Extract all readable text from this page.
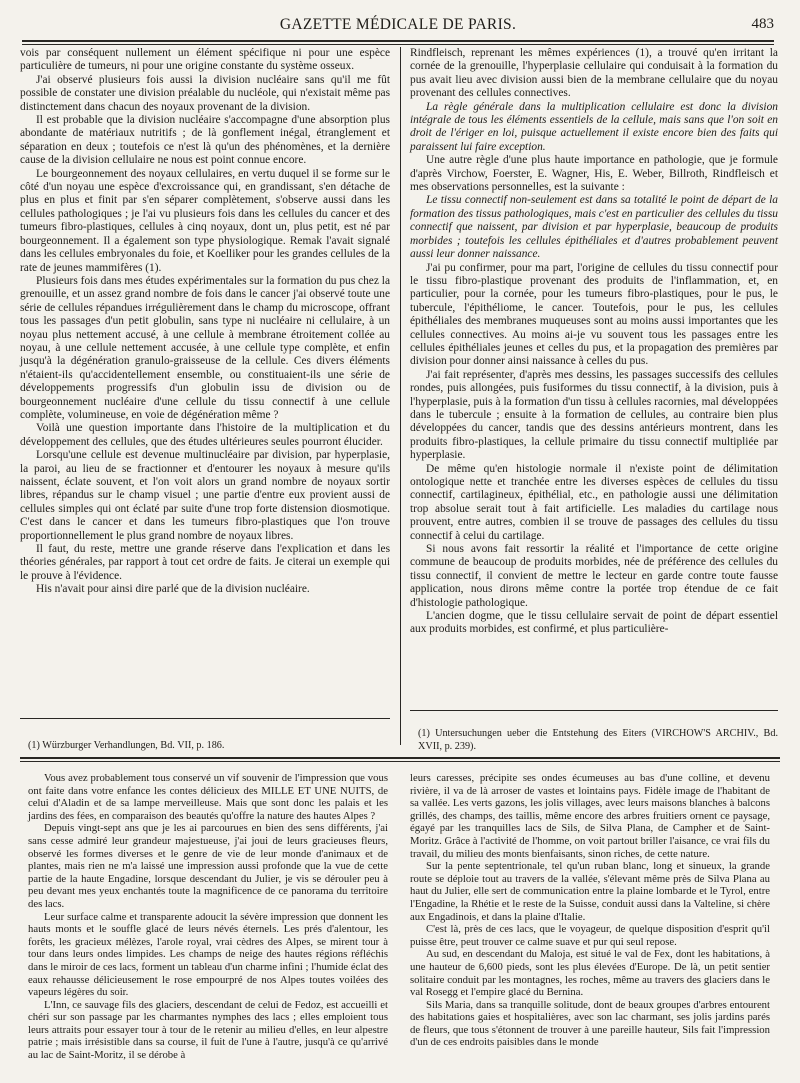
GAZETTE MÉDICALE DE PARIS.	483

vois par conséquent nullement un élément spécifique ni pour une espèce particulière de tumeurs, ni pour une origine constante du système osseux.

J'ai observé plusieurs fois aussi la division nucléaire sans qu'il me fût possible de constater une division préalable du nucléole, qui n'existait même pas distinctement dans chacun des noyaux provenant de la division.

Il est probable que la division nucléaire s'accompagne d'une absorption plus abondante de matériaux nutritifs ; de là gonflement inégal, étranglement et séparation en deux ; toutefois ce n'est là qu'un des phénomènes, et la dernière cause de la division cellulaire ne nous est point connue encore.

Le bourgeonnement des noyaux cellulaires, en vertu duquel il se forme sur le côté d'un noyau une espèce d'excroissance qui, en grandissant, s'en détache de plus en plus et finit par s'en séparer complètement, s'observe aussi dans les cellules pathologiques ; je l'ai vu plusieurs fois dans les cellules du cancer et des tumeurs fibro-plastiques, cellules à cinq noyaux, dont un, plus petit, est né par bourgeonnement. Il a également son type physiologique. Remak l'avait signalé dans les cellules embryonales du foie, et Koelliker pour les grandes cellules de la rate de jeunes mammifères (1).

Plusieurs fois dans mes études expérimentales sur la formation du pus chez la grenouille, et un assez grand nombre de fois dans le cancer j'ai observé toute une série de cellules répandues irrégulièrement dans le champ du microscope, offrant tous les passages d'un petit globulin, sans type ni nucléaire ni cellulaire, à un noyau plus nettement accusé, à une cellule à membrane étroitement collée au noyau, à une cellule nettement accusée, à une cellule type complète, et enfin jusqu'à la dégénération granulo-graisseuse de la cellule. Ces divers éléments n'étaient-ils qu'accidentellement ensemble, ou constituaient-ils une série de développements progressifs d'un globulin issu de division ou de bourgeonnement nucléaire d'une cellule du tissu connectif à une cellule complète, volumineuse, en voie de dégénération même ?

Voilà une question importante dans l'histoire de la multiplication et du développement des cellules, que des études ultérieures seules pourront élucider.

Lorsqu'une cellule est devenue multinucléaire par division, par hyperplasie, la paroi, au lieu de se fractionner et d'entourer les noyaux à mesure qu'ils naissent, éclate souvent, et l'on voit alors un grand nombre de noyaux sortir libres, répandus sur le champ visuel ; une partie d'entre eux provient aussi de cellules simples qui ont éclaté par suite d'une trop forte distension diosmotique. C'est dans le cancer et dans les tumeurs fibro-plastiques que l'on trouve proportionnellement le plus grand nombre de noyaux libres.

Il faut, du reste, mettre une grande réserve dans l'explication et dans les théories générales, par rapport à tout cet ordre de faits. Je citerai un exemple qui le prouve à l'évidence.

His n'avait pour ainsi dire parlé que de la division nucléaire.

Rindfleisch, reprenant les mêmes expériences (1), a trouvé qu'en irritant la cornée de la grenouille, l'hyperplasie cellulaire qui conduisait à la formation du pus avait lieu avec division aussi bien de la membrane cellulaire que du noyau provenant des cellules connectives.

La règle générale dans la multiplication cellulaire est donc la division intégrale de tous les éléments essentiels de la cellule, mais sans que l'on soit en droit de l'ériger en loi, puisque actuellement il existe encore bien des faits qui paraissent lui faire exception.

Une autre règle d'une plus haute importance en pathologie, que je formule d'après Virchow, Foerster, E. Wagner, His, E. Weber, Billroth, Rindfleisch et mes observations personnelles, est la suivante :

Le tissu connectif non-seulement est dans sa totalité le point de départ de la formation des tissus pathologiques, mais c'est en particulier des cellules du tissu connectif que naissent, par division et par hyperplasie, beaucoup de produits morbides ; toutefois les cellules épithéliales et d'autres probablement peuvent aussi leur donner naissance.

J'ai pu confirmer, pour ma part, l'origine de cellules du tissu connectif pour le tissu fibro-plastique provenant des produits de l'inflammation, et, en particulier, pour la cornée, pour les tumeurs fibro-plastiques, pour le pus, le tubercule, l'épithéliome, le cancer. Toutefois, pour le pus, les cellules épithéliales des membranes muqueuses sont au moins aussi importantes que les cellules connectives. Au moins ai-je vu souvent tous les passages entre les cellules épithéliales jeunes et celles du pus, et la propagation des premières par division pour donner ainsi naissance à celles du pus.

J'ai fait représenter, d'après mes dessins, les passages successifs des cellules rondes, puis allongées, puis fusiformes du tissu connectif, à la division, puis à l'hyperplasie, puis à la formation d'un tissu à cellules racornies, mal développées dans le tubercule ; ensuite à la formation de cellules, au contraire bien plus développées du cancer, tandis que des dessins antérieurs montrent, dans les produits fibro-plastiques, la cellule primaire du tissu connectif multipliée par hyperplasie.

De même qu'en histologie normale il n'existe point de délimitation ontologique nette et tranchée entre les diverses espèces de cellules du tissu connectif, cartilagineux, épithélial, etc., en pathologie aussi une délimitation trop absolue serait tout à fait artificielle. Les maladies du cartilage nous prouvent, entre autres, combien il se trouve de passages des cellules du tissu connectif à celui du cartilage.

Si nous avons fait ressortir la réalité et l'importance de cette origine commune de beaucoup de produits morbides, née de préférence des cellules du tissu connectif, il convient de mettre le lecteur en garde contre toute fausse application, nous dirons même contre la portée trop étendue de ce fait d'histologie pathologique.

L'ancien dogme, que le tissu cellulaire servait de point de départ essentiel aux produits morbides, est confirmé, et plus particulière-

(1) Würzburger Verhandlungen, Bd. VII, p. 186.

(1) Untersuchungen ueber die Entstehung des Eiters (VIRCHOW'S ARCHIV., Bd. XVII, p. 239).

Vous avez probablement tous conservé un vif souvenir de l'impression que vous ont faite dans votre enfance les contes délicieux des MILLE ET UNE NUITS, de celui d'Aladin et de sa lampe merveilleuse. Mais que sont donc les palais et les jardins des fées, en comparaison des beautés qu'offre la nature des hautes Alpes ?

Depuis vingt-sept ans que je les ai parcourues en bien des sens différents, j'ai sans cesse admiré leur grandeur majestueuse, j'ai joui de leurs gracieuses fleurs, observé les formes diverses et le genre de vie de leur monde d'animaux et de plantes, mais rien ne m'a laissé une impression aussi profonde que la vue de cette partie de la haute Engadine, lorsque descendant du Julier, je vis se dérouler peu à peu devant mes yeux enchantés toute la magnificence de ce panorama du territoire des lacs.

Leur surface calme et transparente adoucit la sévère impression que donnent les hauts monts et le souffle glacé de leurs névés éternels. Les prés d'alentour, les forêts, les gracieux mélèzes, l'arole royal, vrai cèdres des Alpes, se mirent tour à tour dans leurs ondes limpides. Les champs de neige des hautes régions réfléchis dans le miroir de ces lacs, forment un tableau d'un charme infini ; l'humide éclat des eaux rehausse délicieusement le rose empourpré de nos Alpes toutes voilées des vapeurs légères du soir.

L'Inn, ce sauvage fils des glaciers, descendant de celui de Fedoz, est accueilli et chéri sur son passage par les charmantes nymphes des lacs ; elles emploient tous leurs attraits pour essayer tour à tour de le retenir au milieu d'elles, en leur alpestre patrie ; mais irrésistible dans sa course, il fuit de l'une à l'autre, jusqu'à ce qu'arrivé au lac de Saint-Moritz, il se dérobe à

leurs caresses, précipite ses ondes écumeuses au bas d'une colline, et devenu rivière, il va de là arroser de vastes et lointains pays. Fidèle image de l'habitant de sa vallée. Les verts gazons, les jolis villages, avec leurs maisons blanches à balcons grillés, des champs, des taillis, même encore des arbres fruitiers ornent ce paysage, égayé par les tranquilles lacs de Sils, de Silva Plana, de Campher et de Saint-Moritz. Grâce à l'activité de l'homme, on voit partout briller l'aisance, ce vrai fils du travail, du milieu des monts bienfaisants, sinon riches, de cette nature.

Sur la pente septentrionale, tel qu'un ruban blanc, long et sinueux, la grande route se déploie tout au travers de la vallée, s'élevant même près de Silva Plana au haut du Julier, elle sert de communication entre la plaine lombarde et le Tyrol, entre l'Engadine, la Rhétie et le reste de la Suisse, conduit aussi dans la Valteline, si chère aux Engadinois, et dans la plaine d'Italie.

C'est là, près de ces lacs, que le voyageur, de quelque disposition d'esprit qu'il puisse être, peut trouver ce calme suave et pur qui seul repose.

Au sud, en descendant du Maloja, est situé le val de Fex, dont les habitations, à une hauteur de 6,600 pieds, sont les plus élevées d'Europe. De là, un petit sentier solitaire conduit par les montagnes, les roches, même au travers des glaciers dans le val Rosegg et l'empire glacé du Bernina.

Sils Maria, dans sa tranquille solitude, dont de beaux groupes d'arbres entourent des habitations gaies et hospitalières, avec son lac charmant, ses jolis jardins parés de fleurs, que tous s'étonnent de trouver à une pareille hauteur, Sils fait l'impression d'un de ces endroits paisibles dans le monde
